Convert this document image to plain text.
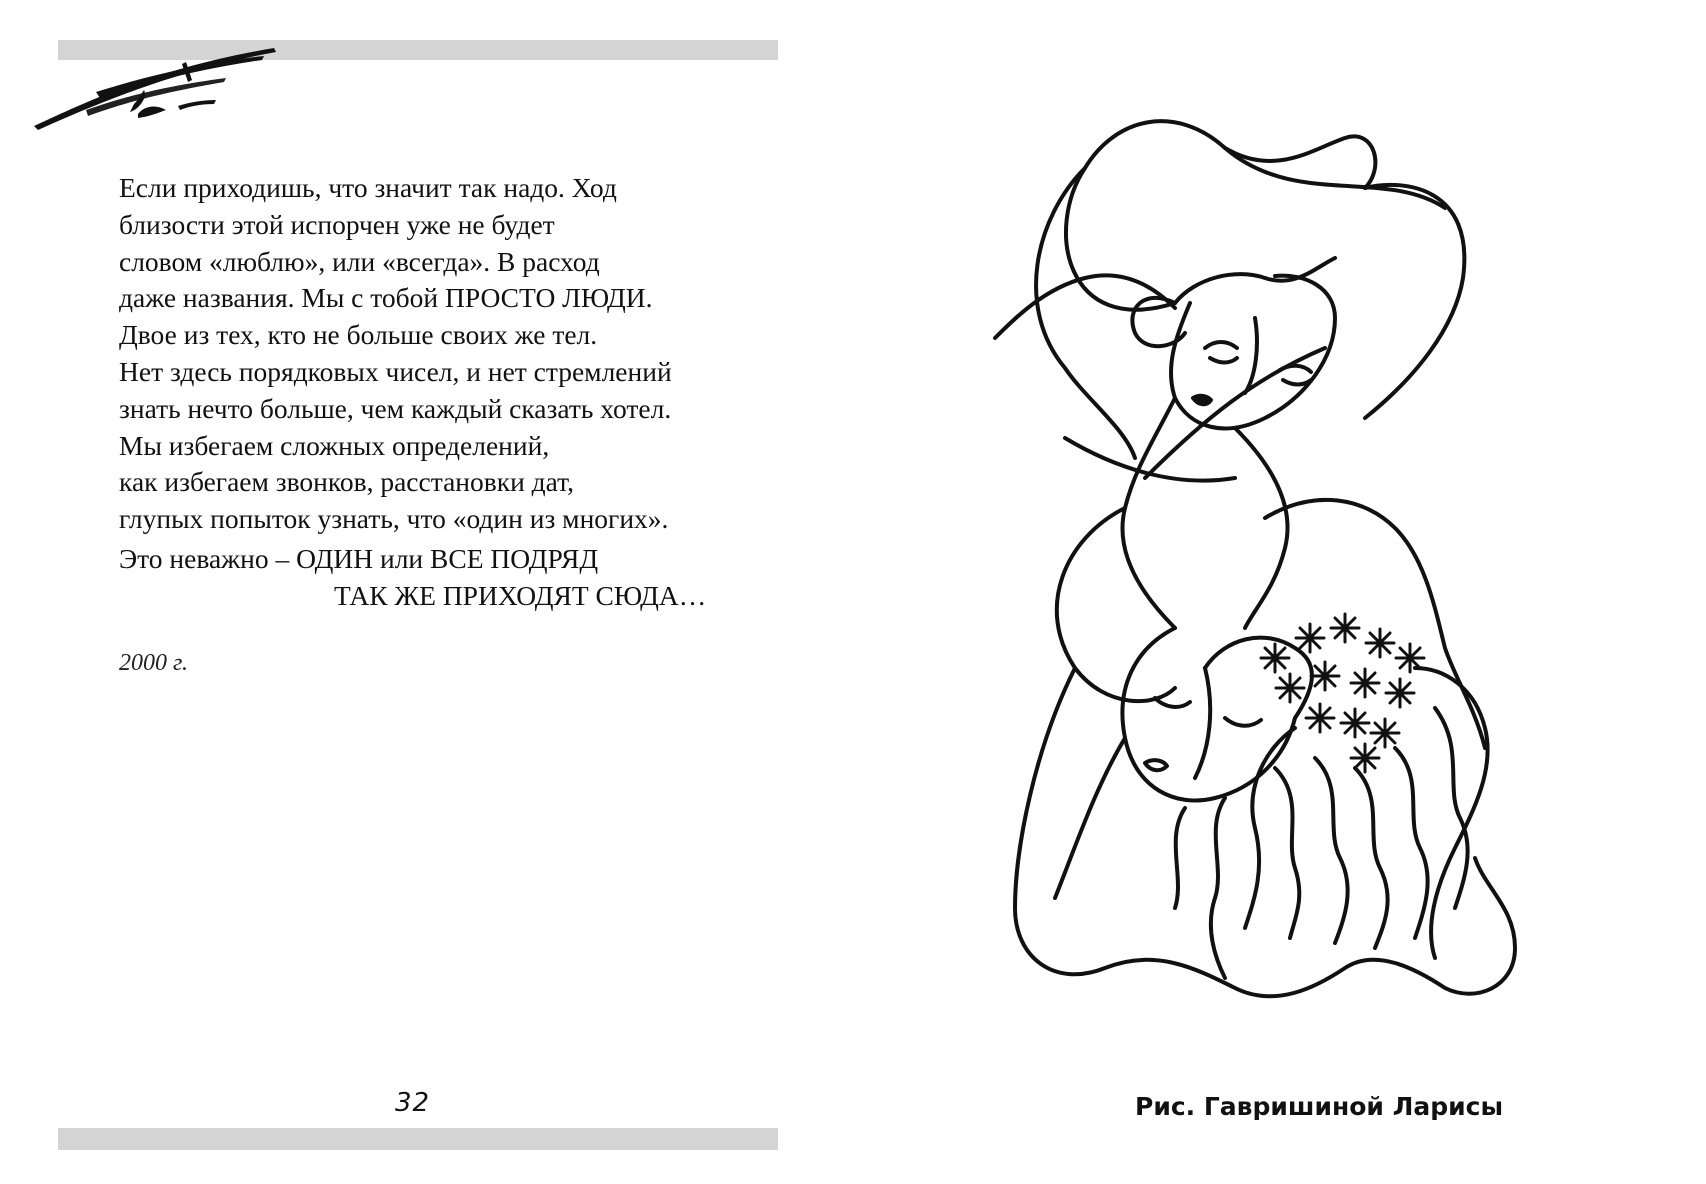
Если приходишь, что значит так надо. Ход
близости этой испорчен уже не будет
словом «люблю», или «всегда». В расход
даже названия. Мы с тобой ПРОСТО ЛЮДИ.
Двое из тех, кто не больше своих же тел.
Нет здесь порядковых чисел, и нет стремлений
знать нечто больше, чем каждый сказать хотел.
Мы избегаем сложных определений,
как избегаем звонков, расстановки дат,
глупых попыток узнать, что «один из многих».
Это неважно – ОДИН или ВСЕ ПОДРЯД
ТАК ЖЕ ПРИХОДЯТ СЮДА…
2000 г.
32	Рис. Гавришиной Ларисы
